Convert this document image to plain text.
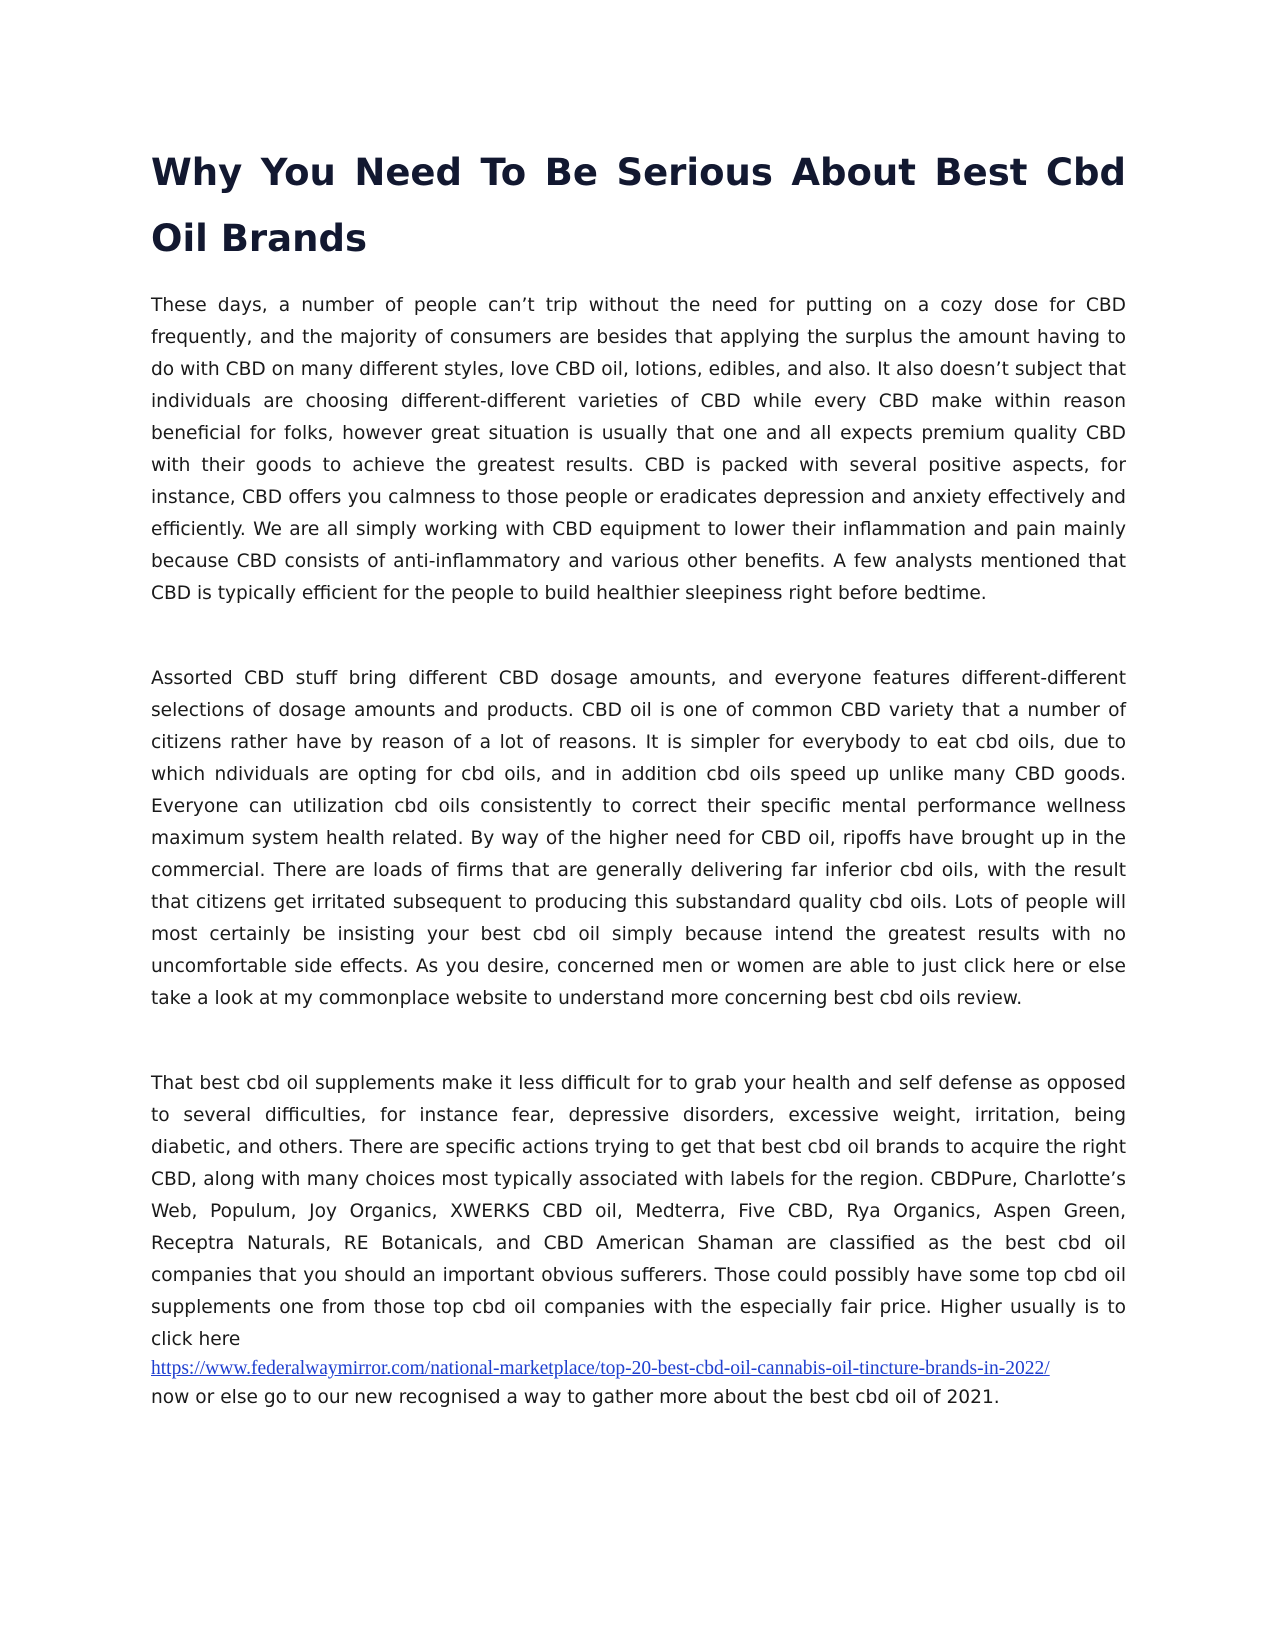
Why You Need To Be Serious About Best Cbd Oil Brands

These days, a number of people can’t trip without the need for putting on a cozy dose for CBD frequently, and the majority of consumers are besides that applying the surplus the amount having to do with CBD on many different styles, love CBD oil, lotions, edibles, and also. It also doesn’t subject that individuals are choosing different-different varieties of CBD while every CBD make within reason beneficial for folks, however great situation is usually that one and all expects premium quality CBD with their goods to achieve the greatest results. CBD is packed with several positive aspects, for instance, CBD offers you calmness to those people or eradicates depression and anxiety effectively and efficiently. We are all simply working with CBD equipment to lower their inflammation and pain mainly because CBD consists of anti-inflammatory and various other benefits. A few analysts mentioned that CBD is typically efficient for the people to build healthier sleepiness right before bedtime.

Assorted CBD stuff bring different CBD dosage amounts, and everyone features different-different selections of dosage amounts and products. CBD oil is one of common CBD variety that a number of citizens rather have by reason of a lot of reasons. It is simpler for everybody to eat cbd oils, due to which ndividuals are opting for cbd oils, and in addition cbd oils speed up unlike many CBD goods. Everyone can utilization cbd oils consistently to correct their specific mental performance wellness maximum system health related. By way of the higher need for CBD oil, ripoffs have brought up in the commercial. There are loads of firms that are generally delivering far inferior cbd oils, with the result that citizens get irritated subsequent to producing this substandard quality cbd oils. Lots of people will most certainly be insisting your best cbd oil simply because intend the greatest results with no uncomfortable side effects. As you desire, concerned men or women are able to just click here or else take a look at my commonplace website to understand more concerning best cbd oils review.

That best cbd oil supplements make it less difficult for to grab your health and self defense as opposed to several difficulties, for instance fear, depressive disorders, excessive weight, irritation, being diabetic, and others. There are specific actions trying to get that best cbd oil brands to acquire the right CBD, along with many choices most typically associated with labels for the region. CBDPure, Charlotte’s Web, Populum, Joy Organics, XWERKS CBD oil, Medterra, Five CBD, Rya Organics, Aspen Green, Receptra Naturals, RE Botanicals, and CBD American Shaman are classified as the best cbd oil companies that you should an important obvious sufferers. Those could possibly have some top cbd oil supplements one from those top cbd oil companies with the especially fair price. Higher usually is to click here
https://www.federalwaymirror.com/national-marketplace/top-20-best-cbd-oil-cannabis-oil-tincture-brands-in-2022/
now or else go to our new recognised a way to gather more about the best cbd oil of 2021.
